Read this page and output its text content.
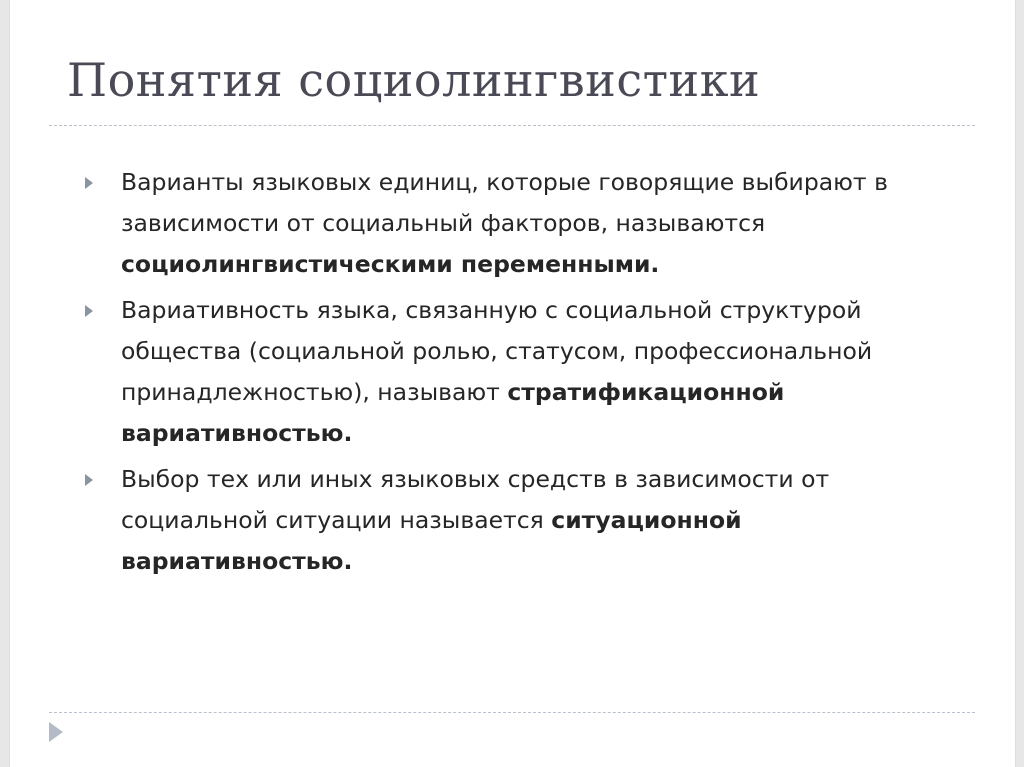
Понятия социолингвистики
Варианты языковых единиц, которые говорящие выбирают в зависимости от социальный факторов, называются социолингвистическими переменными.
Вариативность языка, связанную с социальной структурой общества (социальной ролью, статусом, профессиональной принадлежностью), называют стратификационной вариативностью.
Выбор тех или иных языковых средств в зависимости от социальной ситуации называется ситуационной вариативностью.
